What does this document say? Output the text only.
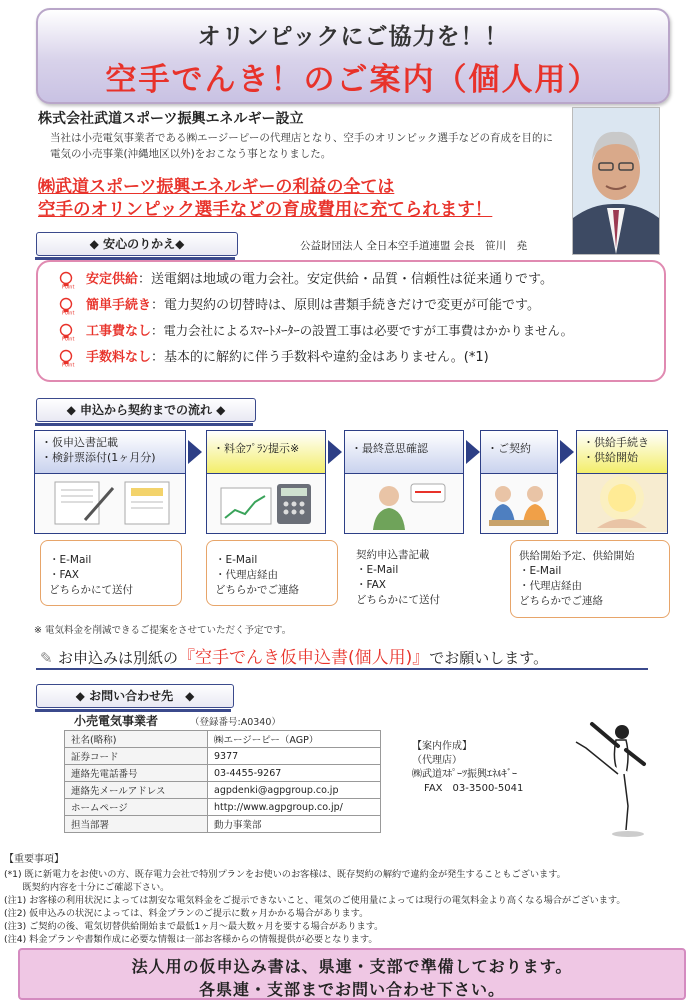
オリンピックにご協力を！！
空手でんき！のご案内（個人用）
株式会社武道スポーツ振興エネルギー設立
当社は小売電気事業者である㈱エージーピーの代理店となり、空手のオリンピック選手などの育成を目的に電気の小売事業(沖縄地区以外)をおこなう事となりました。
㈱武道スポーツ振興エネルギーの利益の全ては
空手のオリンピック選手などの育成費用に充てられます！
◆ 安心のりかえ◆	公益財団法人 全日本空手道連盟 会長　笹川　堯
Point 安定供給：送電網は地域の電力会社。安定供給・品質・信頼性は従来通りです。
Point 簡単手続き：電力契約の切替時は、原則は書類手続きだけで変更が可能です。
Point 工事費なし：電力会社によるｽﾏｰﾄﾒｰﾀｰの設置工事は必要ですが工事費はかかりません。
Point 手数料なし：基本的に解約に伴う手数料や違約金はありません。(*1)
◆ 申込から契約までの流れ ◆
・仮申込書記載
・検針票添付(1ヶ月分)
・料金ﾌﾟﾗﾝ提示※	・最終意思確認	・ご契約	・供給手続き
・供給開始
・E-Mail
・FAX
どちらかにて送付
・E-Mail
・代理店経由
どちらかでご連絡
契約申込書記載
・E-Mail
・FAX
どちらかにて送付
供給開始予定、供給開始
・E-Mail
・代理店経由
どちらかでご連絡
※ 電気料金を削減できるご提案をさせていただく予定です。
✎ お申込みは別紙の『空手でんき仮申込書(個人用)』でお願いします。
◆ お問い合わせ先　◆
小売電気事業者	（登録番号:A0340）
社名(略称)	㈱エージーピー（AGP）
証券コード	9377
連絡先電話番号	03-4455-9267
連絡先メールアドレス	agpdenki@agpgroup.co.jp
ホームページ	http://www.agpgroup.co.jp/
担当部署	動力事業部
【案内作成】
（代理店）
㈱武道ｽﾎﾟｰﾂ振興ｴﾈﾙｷﾞｰ
FAX　03-3500-5041
【重要事項】
(*1) 既に新電力をお使いの方、既存電力会社で特別プランをお使いのお客様は、既存契約の解約で違約金が発生することもございます。
　　既契約内容を十分にご確認下さい。
(注1) お客様の利用状況によっては割安な電気料金をご提示できないこと、電気のご使用量によっては現行の電気料金より高くなる場合がございます。
(注2) 仮申込みの状況によっては、料金プランのご提示に数ヶ月かかる場合があります。
(注3) ご契約の後、電気切替供給開始まで最低1ヶ月～最大数ヶ月を要する場合があります。
(注4) 料金プランや書類作成に必要な情報は一部お客様からの情報提供が必要となります。
法人用の仮申込み書は、県連・支部で準備しております。
各県連・支部までお問い合わせ下さい。
